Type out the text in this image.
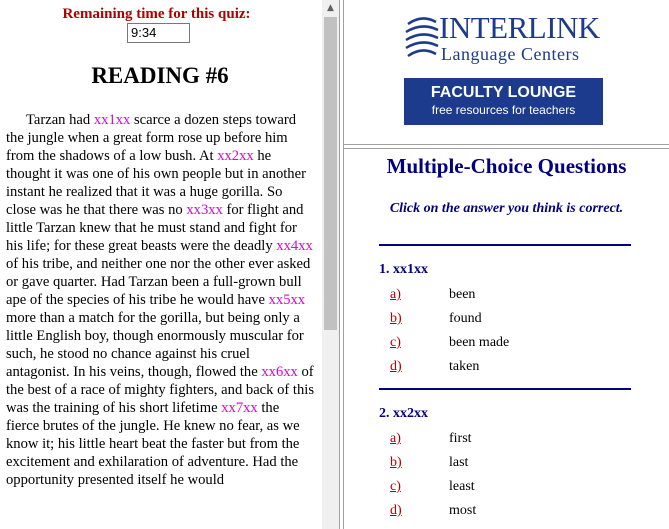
Remaining time for this quiz:
9:34
READING #6

Tarzan had xx1xx scarce a dozen steps toward the jungle when a great form rose up before him from the shadows of a low bush. At xx2xx he thought it was one of his own people but in another instant he realized that it was a huge gorilla. So close was he that there was no xx3xx for flight and little Tarzan knew that he must stand and fight for his life; for these great beasts were the deadly xx4xx of his tribe, and neither one nor the other ever asked or gave quarter. Had Tarzan been a full-grown bull ape of the species of his tribe he would have xx5xx more than a match for the gorilla, but being only a little English boy, though enormously muscular for such, he stood no chance against his cruel antagonist. In his veins, though, flowed the xx6xx of the best of a race of mighty fighters, and back of this was the training of his short lifetime xx7xx the fierce brutes of the jungle. He knew no fear, as we know it; his little heart beat the faster but from the excitement and exhilaration of adventure. Had the opportunity presented itself he would

▲
INTERLINK
Language Centers
FACULTY LOUNGE
free resources for teachers
Multiple-Choice Questions
Click on the answer you think is correct.
1. xx1xx
a)	been
b)	found
c)	been made
d)	taken
2. xx2xx
a)	first
b)	last
c)	least
d)	most
